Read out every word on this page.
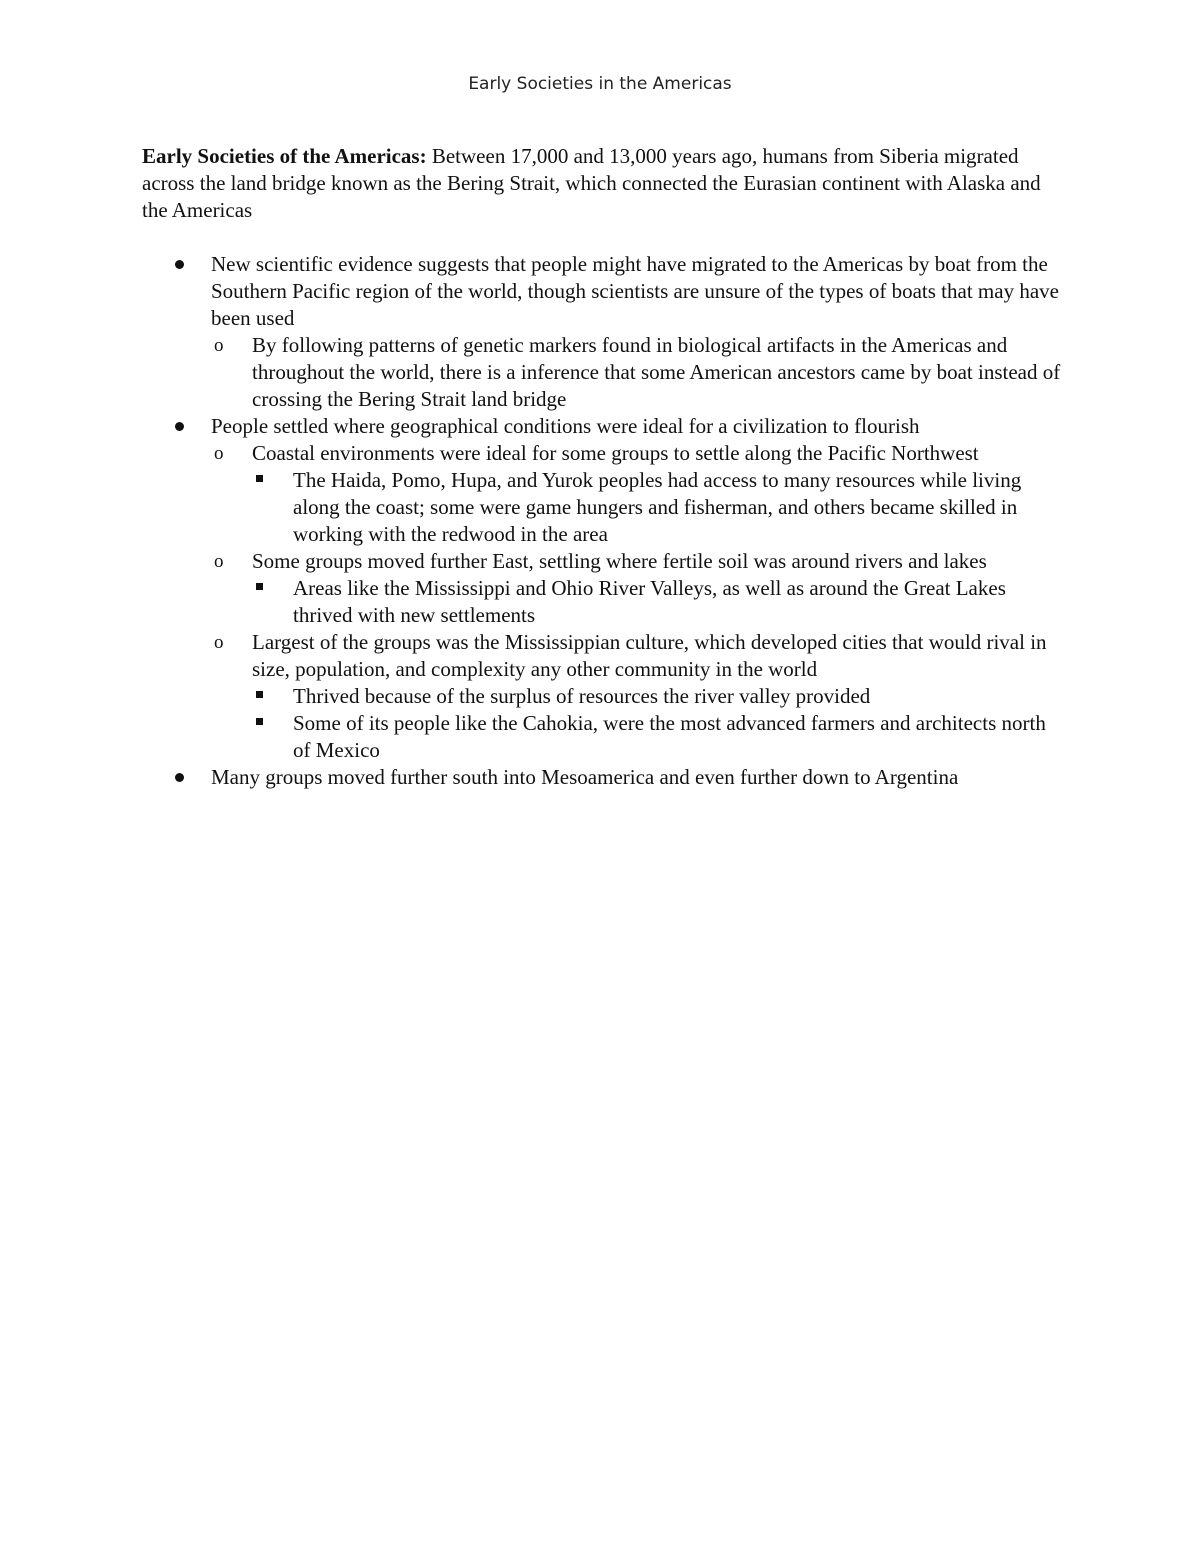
Early Societies in the Americas

Early Societies of the Americas: Between 17,000 and 13,000 years ago, humans from Siberia migrated across the land bridge known as the Bering Strait, which connected the Eurasian continent with Alaska and the Americas

New scientific evidence suggests that people might have migrated to the Americas by boat from the Southern Pacific region of the world, though scientists are unsure of the types of boats that may have been used
o By following patterns of genetic markers found in biological artifacts in the Americas and throughout the world, there is a inference that some American ancestors came by boat instead of crossing the Bering Strait land bridge
People settled where geographical conditions were ideal for a civilization to flourish
o Coastal environments were ideal for some groups to settle along the Pacific Northwest
The Haida, Pomo, Hupa, and Yurok peoples had access to many resources while living along the coast; some were game hungers and fisherman, and others became skilled in working with the redwood in the area
o Some groups moved further East, settling where fertile soil was around rivers and lakes
Areas like the Mississippi and Ohio River Valleys, as well as around the Great Lakes thrived with new settlements
o Largest of the groups was the Mississippian culture, which developed cities that would rival in size, population, and complexity any other community in the world
Thrived because of the surplus of resources the river valley provided
Some of its people like the Cahokia, were the most advanced farmers and architects north of Mexico
Many groups moved further south into Mesoamerica and even further down to Argentina
